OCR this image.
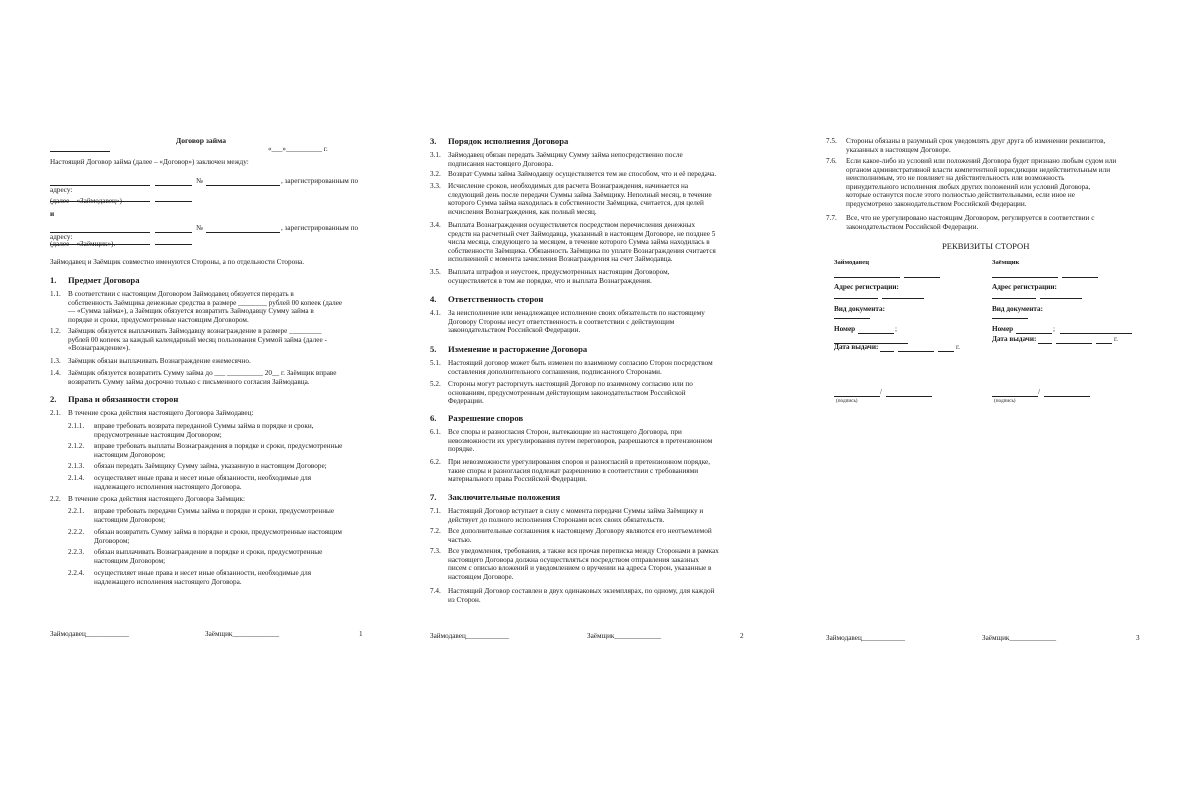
Договор займа
«___»__________ г.
Настоящий Договор займа (далее – «Договор») заключен между:
№	, зарегистрированным по
адресу:
(далее – «Займодавец»)
и
№	, зарегистрированным по
адресу:
(далее – «Заёмщик»).
Займодавец и Заёмщик совместно именуются Стороны, а по отдельности Сторона.
1. Предмет Договора
1.1. В соответствии с настоящим Договором Займодавец обязуется передать в
собственность Заёмщика денежные средства в размере ________ рублей 00 копеек (далее
— «Сумма займа»), а Заёмщик обязуется возвратить Займодавцу Сумму займа в
порядке и сроки, предусмотренные настоящим Договором.
1.2. Заёмщик обязуется выплачивать Займодавцу вознаграждение в размере _________
рублей 00 копеек за каждый календарный месяц пользования Суммой займа (далее -
«Вознаграждение»).
1.3. Заёмщик обязан выплачивать Вознаграждение ежемесячно.
1.4. Заёмщик обязуется возвратить Сумму займа до ___ __________ 20__ г. Заёмщик вправе
возвратить Сумму займа досрочно только с письменного согласия Займодавца.
2. Права и обязанности сторон
2.1. В течение срока действия настоящего Договора Займодавец:
2.1.1. вправе требовать возврата переданной Суммы займа в порядке и сроки,
предусмотренные настоящим Договором;
2.1.2. вправе требовать выплаты Вознаграждения в порядке и сроки, предусмотренные
настоящим Договором;
2.1.3. обязан передать Заёмщику Сумму займа, указанную в настоящем Договоре;
2.1.4. осуществляет иные права и несет иные обязанности, необходимые для
надлежащего исполнения настоящего Договора.
2.2. В течение срока действия настоящего Договора Заёмщик:
2.2.1. вправе требовать передачи Суммы займа в порядке и сроки, предусмотренные
настоящим Договором;
2.2.2. обязан возвратить Сумму займа в порядке и сроки, предусмотренные настоящим
Договором;
2.2.3. обязан выплачивать Вознаграждение в порядке и сроки, предусмотренные
настоящим Договором;
2.2.4. осуществляет иные права и несет иные обязанности, необходимые для
надлежащего исполнения настоящего Договора.
Займодавец____________	Заёмщик_____________	1
3. Порядок исполнения Договора
3.1. Займодавец обязан передать Заёмщику Сумму займа непосредственно после
подписания настоящего Договора.
3.2. Возврат Суммы займа Займодавцу осуществляется тем же способом, что и её передача.
3.3. Исчисление сроков, необходимых для расчета Вознаграждения, начинается на
следующий день после передачи Суммы займа Заёмщику. Неполный месяц, в течение
которого Сумма займа находилась в собственности Заёмщика, считается, для целей
исчисления Вознаграждения, как полный месяц.
3.4. Выплата Вознаграждения осуществляется посредством перечисления денежных
средств на расчетный счет Займодавца, указанный в настоящем Договоре, не позднее 5
числа месяца, следующего за месяцем, в течение которого Сумма займа находилась в
собственности Заёмщика. Обязанность Заёмщика по уплате Вознаграждения считается
исполненной с момента зачисления Вознаграждения на счет Займодавца.
3.5. Выплата штрафов и неустоек, предусмотренных настоящим Договором,
осуществляется в том же порядке, что и выплата Вознаграждения.
4. Ответственность сторон
4.1. За неисполнение или ненадлежащее исполнение своих обязательств по настоящему
Договору Стороны несут ответственность в соответствии с действующим
законодательством Российской Федерации.
5. Изменение и расторжение Договора
5.1. Настоящий договор может быть изменен по взаимному согласию Сторон посредством
составления дополнительного соглашения, подписанного Сторонами.
5.2. Стороны могут расторгнуть настоящий Договор по взаимному согласию или по
основаниям, предусмотренным действующим законодательством Российской
Федерации.
6. Разрешение споров
6.1. Все споры и разногласия Сторон, вытекающие из настоящего Договора, при
невозможности их урегулирования путем переговоров, разрешаются в претензионном
порядке.
6.2. При невозможности урегулирования споров и разногласий в претензионном порядке,
такие споры и разногласия подлежат разрешению в соответствии с требованиями
материального права Российской Федерации.
7. Заключительные положения
7.1. Настоящий Договор вступает в силу с момента передачи Суммы займа Заёмщику и
действует до полного исполнения Сторонами всех своих обязательств.
7.2. Все дополнительные соглашения к настоящему Договору являются его неотъемлемой
частью.
7.3. Все уведомления, требования, а также вся прочая переписка между Сторонами в рамках
настоящего Договора должна осуществляться посредством отправления заказных
писем с описью вложений и уведомлением о вручении на адреса Сторон, указанные в
настоящем Договоре.
7.4. Настоящий Договор составлен в двух одинаковых экземплярах, по одному, для каждой
из Сторон.
Займодавец____________	Заёмщик_____________	2
7.5. Стороны обязаны в разумный срок уведомлять друг друга об изменении реквизитов,
указанных в настоящем Договоре.
7.6. Если какое-либо из условий или положений Договора будет признано любым судом или
органом административной власти компетентной юрисдикции недействительным или
неисполнимым, это не повлияет на действительность или возможность
принудительного исполнения любых других положений или условий Договора,
которые останутся после этого полностью действительными, если иное не
предусмотрено законодательством Российской Федерации.
7.7. Все, что не урегулировано настоящим Договором, регулируется в соответствии с
законодательством Российской Федерации.
РЕКВИЗИТЫ СТОРОН
Займодавец
Адрес регистрации:
Вид документа:
Номер	;
Дата выдачи:	г.
/
(подпись)
Заёмщик
Адрес регистрации:
Вид документа:
Номер	;
Дата выдачи:	г.
/
(подпись)
Займодавец____________	Заёмщик_____________	3
